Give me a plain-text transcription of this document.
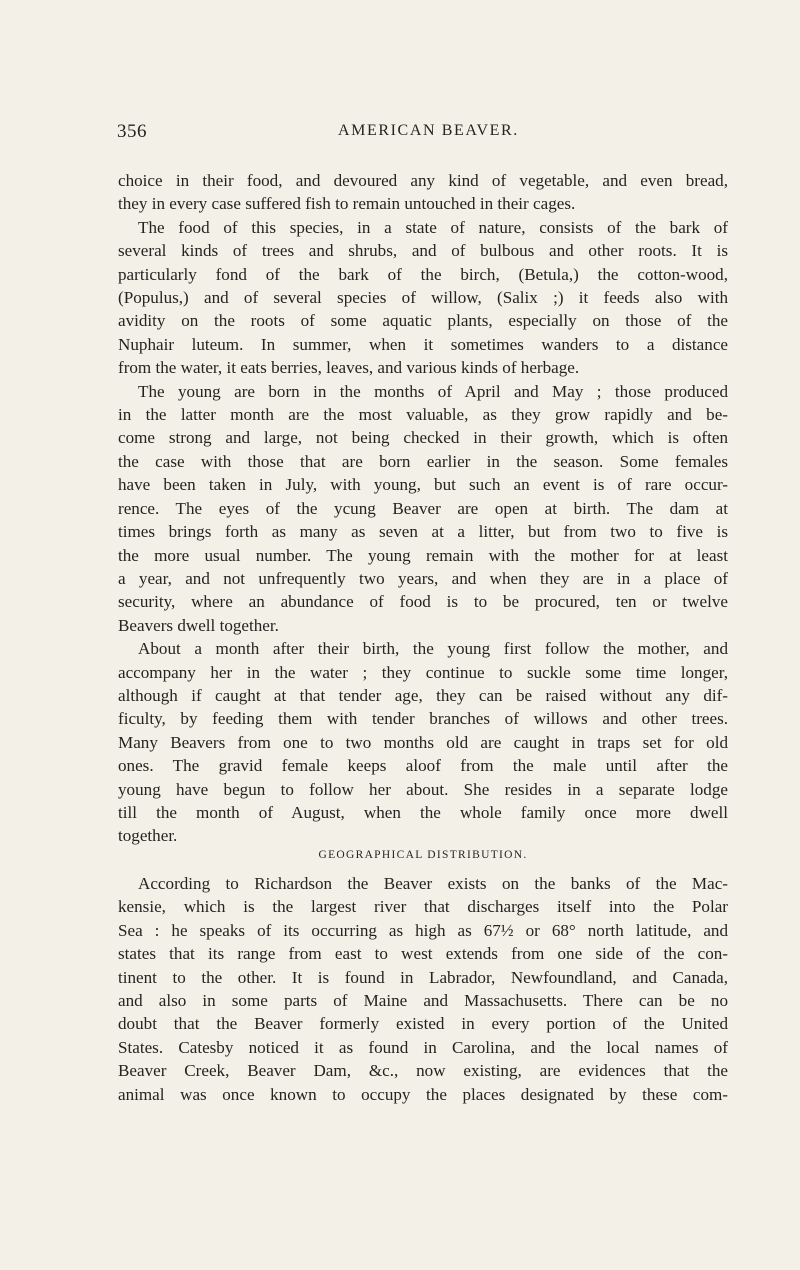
356	AMERICAN BEAVER.
choice in their food, and devoured any kind of vegetable, and even bread,
they in every case suffered fish to remain untouched in their cages.
The food of this species, in a state of nature, consists of the bark of
several kinds of trees and shrubs, and of bulbous and other roots. It is
particularly fond of the bark of the birch, (Betula,) the cotton-wood,
(Populus,) and of several species of willow, (Salix ;) it feeds also with
avidity on the roots of some aquatic plants, especially on those of the
Nuphair luteum. In summer, when it sometimes wanders to a distance
from the water, it eats berries, leaves, and various kinds of herbage.
The young are born in the months of April and May ; those produced
in the latter month are the most valuable, as they grow rapidly and be-
come strong and large, not being checked in their growth, which is often
the case with those that are born earlier in the season. Some females
have been taken in July, with young, but such an event is of rare occur-
rence. The eyes of the ycung Beaver are open at birth. The dam at
times brings forth as many as seven at a litter, but from two to five is
the more usual number. The young remain with the mother for at least
a year, and not unfrequently two years, and when they are in a place of
security, where an abundance of food is to be procured, ten or twelve
Beavers dwell together.
About a month after their birth, the young first follow the mother, and
accompany her in the water ; they continue to suckle some time longer,
although if caught at that tender age, they can be raised without any dif-
ficulty, by feeding them with tender branches of willows and other trees.
Many Beavers from one to two months old are caught in traps set for old
ones. The gravid female keeps aloof from the male until after the
young have begun to follow her about. She resides in a separate lodge
till the month of August, when the whole family once more dwell
together.
GEOGRAPHICAL DISTRIBUTION.
According to Richardson the Beaver exists on the banks of the Mac-
kensie, which is the largest river that discharges itself into the Polar
Sea : he speaks of its occurring as high as 67½ or 68° north latitude, and
states that its range from east to west extends from one side of the con-
tinent to the other. It is found in Labrador, Newfoundland, and Canada,
and also in some parts of Maine and Massachusetts. There can be no
doubt that the Beaver formerly existed in every portion of the United
States. Catesby noticed it as found in Carolina, and the local names of
Beaver Creek, Beaver Dam, &c., now existing, are evidences that the
animal was once known to occupy the places designated by these com-
